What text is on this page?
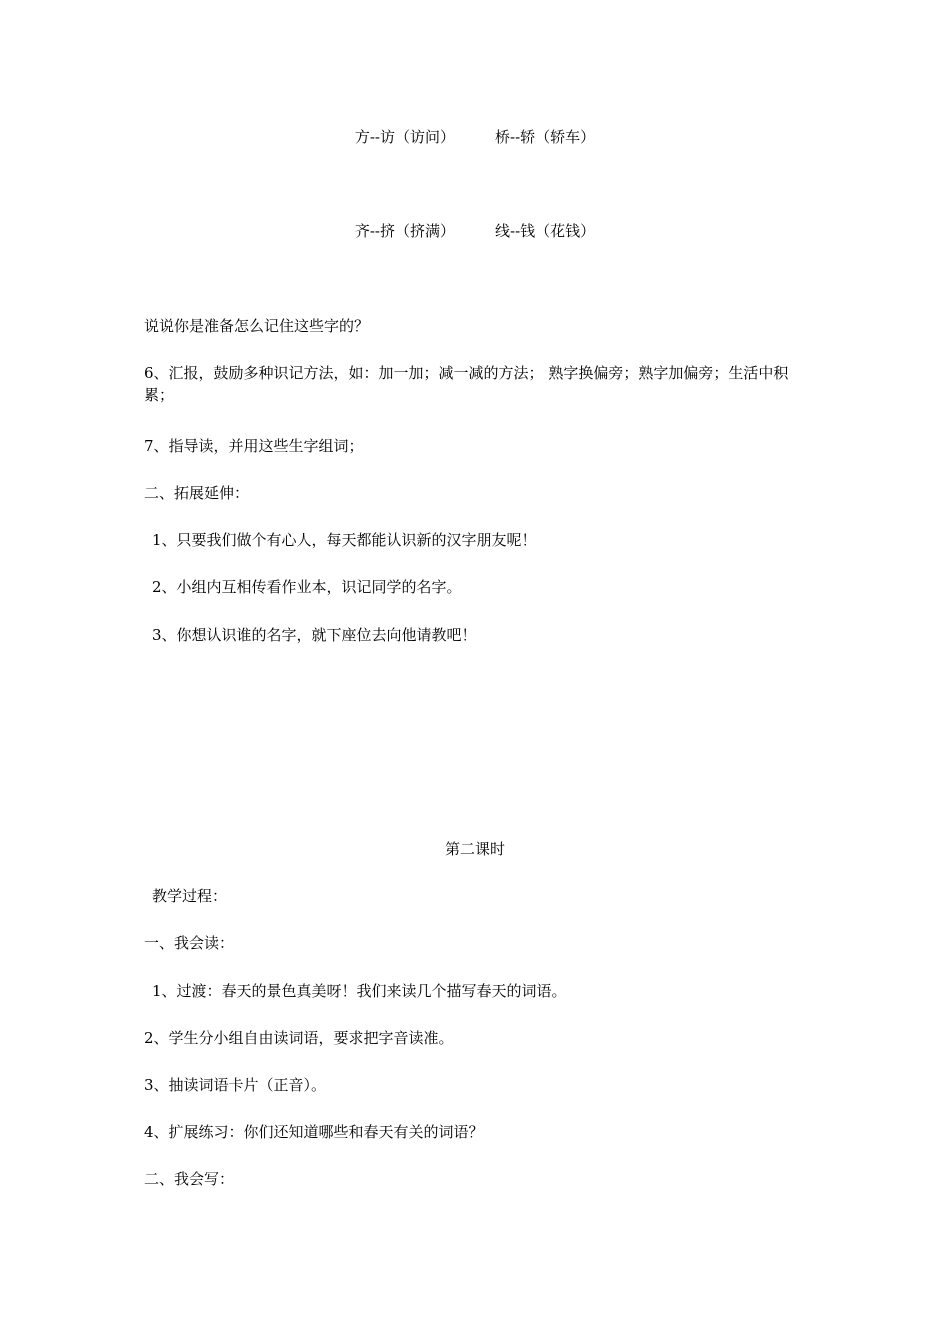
方--访（访问）	桥--轿（轿车）
齐--挤（挤满）	线--钱（花钱）
说说你是准备怎么记住这些字的？
6、汇报，鼓励多种识记方法，如：加一加；减一减的方法； 熟字换偏旁；熟字加偏旁；生活中积累；
7、指导读，并用这些生字组词；
二、拓展延伸：
1、只要我们做个有心人，每天都能认识新的汉字朋友呢！
2、小组内互相传看作业本，识记同学的名字。
3、你想认识谁的名字，就下座位去向他请教吧！
第二课时
教学过程：
一、我会读：
1、过渡：春天的景色真美呀！我们来读几个描写春天的词语。
2、学生分小组自由读词语，要求把字音读准。
3、抽读词语卡片（正音）。
4、扩展练习：你们还知道哪些和春天有关的词语？
二、我会写：
